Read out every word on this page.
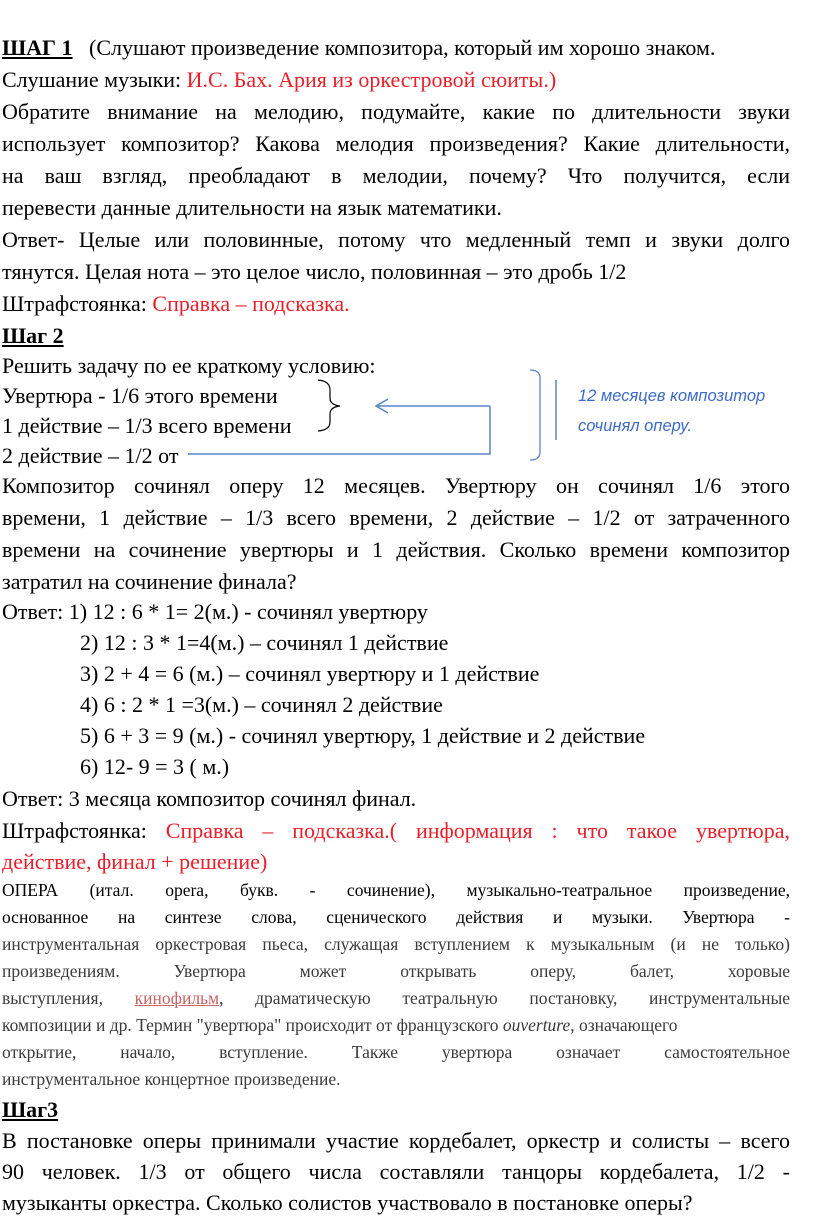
ШАГ 1 (Слушают произведение композитора, который им хорошо знаком.
Слушание музыки: И.С. Бах. Ария из оркестровой сюиты.)
Обратите внимание на мелодию, подумайте, какие по длительности звуки
использует композитор? Какова мелодия произведения? Какие длительности,
на ваш взгляд, преобладают в мелодии, почему? Что получится, если
перевести данные длительности на язык математики.
Ответ- Целые или половинные, потому что медленный темп и звуки долго
тянутся. Целая нота – это целое число, половинная – это дробь 1/2
Штрафстоянка: Справка – подсказка.
Шаг 2
Решить задачу по ее краткому условию:
Увертюра - 1/6 этого времени
1 действие – 1/3 всего времени
2 действие – 1/2 от
12 месяцев композитор сочинял оперу.
Композитор сочинял оперу 12 месяцев. Увертюру он сочинял 1/6 этого
времени, 1 действие – 1/3 всего времени, 2 действие – 1/2 от затраченного
времени на сочинение увертюры и 1 действия. Сколько времени композитор
затратил на сочинение финала?
Ответ: 1) 12 : 6 * 1= 2(м.) - сочинял увертюру
2) 12 : 3 * 1=4(м.) – сочинял 1 действие
3) 2 + 4 = 6 (м.) – сочинял увертюру и 1 действие
4) 6 : 2 * 1 =3(м.) – сочинял 2 действие
5) 6 + 3 = 9 (м.) - сочинял увертюру, 1 действие и 2 действие
6) 12- 9 = 3 ( м.)
Ответ: 3 месяца композитор сочинял финал.
Штрафстоянка: Справка – подсказка.( информация : что такое увертюра,
действие, финал + решение)
ОПЕРА (итал. opera, букв. - сочинение), музыкально-театральное произведение,
основанное на синтезе слова, сценического действия и музыки. Увертюра -
инструментальная оркестровая пьеса, служащая вступлением к музыкальным (и не только)
произведениям. Увертюра может открывать оперу, балет, хоровые
выступления, кинофильм, драматическую театральную постановку, инструментальные
композиции и др. Термин "увертюра" происходит от французского ouverture, означающего
открытие, начало, вступление. Также увертюра означает самостоятельное
инструментальное концертное произведение.
Шаг3
В постановке оперы принимали участие кордебалет, оркестр и солисты – всего
90 человек. 1/3 от общего числа составляли танцоры кордебалета, 1/2 -
музыканты оркестра. Сколько солистов участвовало в постановке оперы?
